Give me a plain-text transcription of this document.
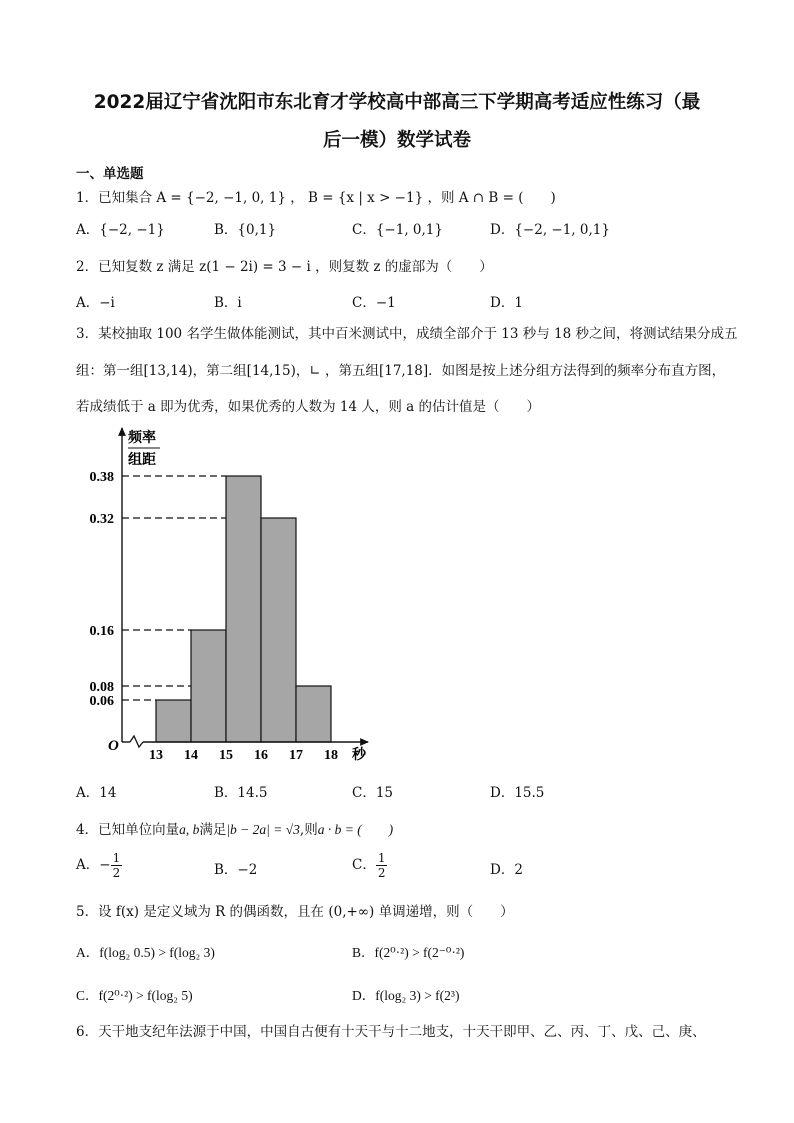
2022届辽宁省沈阳市东北育才学校高中部高三下学期高考适应性练习（最
后一模）数学试卷
一、单选题
1．已知集合 A = {−2, −1, 0, 1} ， B = {x | x > −1} ，则 A ∩ B = (　　)
A．{−2, −1}	B．{0,1}	C．{−1, 0,1}	D．{−2, −1, 0,1}
2．已知复数 z 满足 z(1 − 2i) = 3 − i ，则复数 z 的虚部为（　　）
A．−i	B．i	C．−1	D．1
3．某校抽取 100 名学生做体能测试，其中百米测试中，成绩全部介于 13 秒与 18 秒之间，将测试结果分成五
组：第一组[13,14)，第二组[14,15)，∟ ，第五组[17,18]．如图是按上述分组方法得到的频率分布直方图，
若成绩低于 a 即为优秀，如果优秀的人数为 14 人，则 a 的估计值是（　　）
0.06
0.08
0.16
0.32
0.38
13 14 15 16 17 18
O
秒
频率
组距
A．14	B．14.5	C．15	D．15.5
4．已知单位向量a, b满足|b − 2a| = √3,则a · b = (　　)
A．− $\frac{1}{2}$	B．−2	C． $\frac{1}{2}$	D．2
5．设 f(x) 是定义域为 R 的偶函数，且在 (0,+∞) 单调递增，则（　　）
A．f(log₂ 0.5) > f(log₂ 3)	B．f(2⁰·²) > f(2⁻⁰·²)
C．f(2⁰·²) > f(log₂ 5)	D．f(log₂ 3) > f(2³)
6．天干地支纪年法源于中国，中国自古便有十天干与十二地支，十天干即甲、乙、丙、丁、戊、己、庚、
